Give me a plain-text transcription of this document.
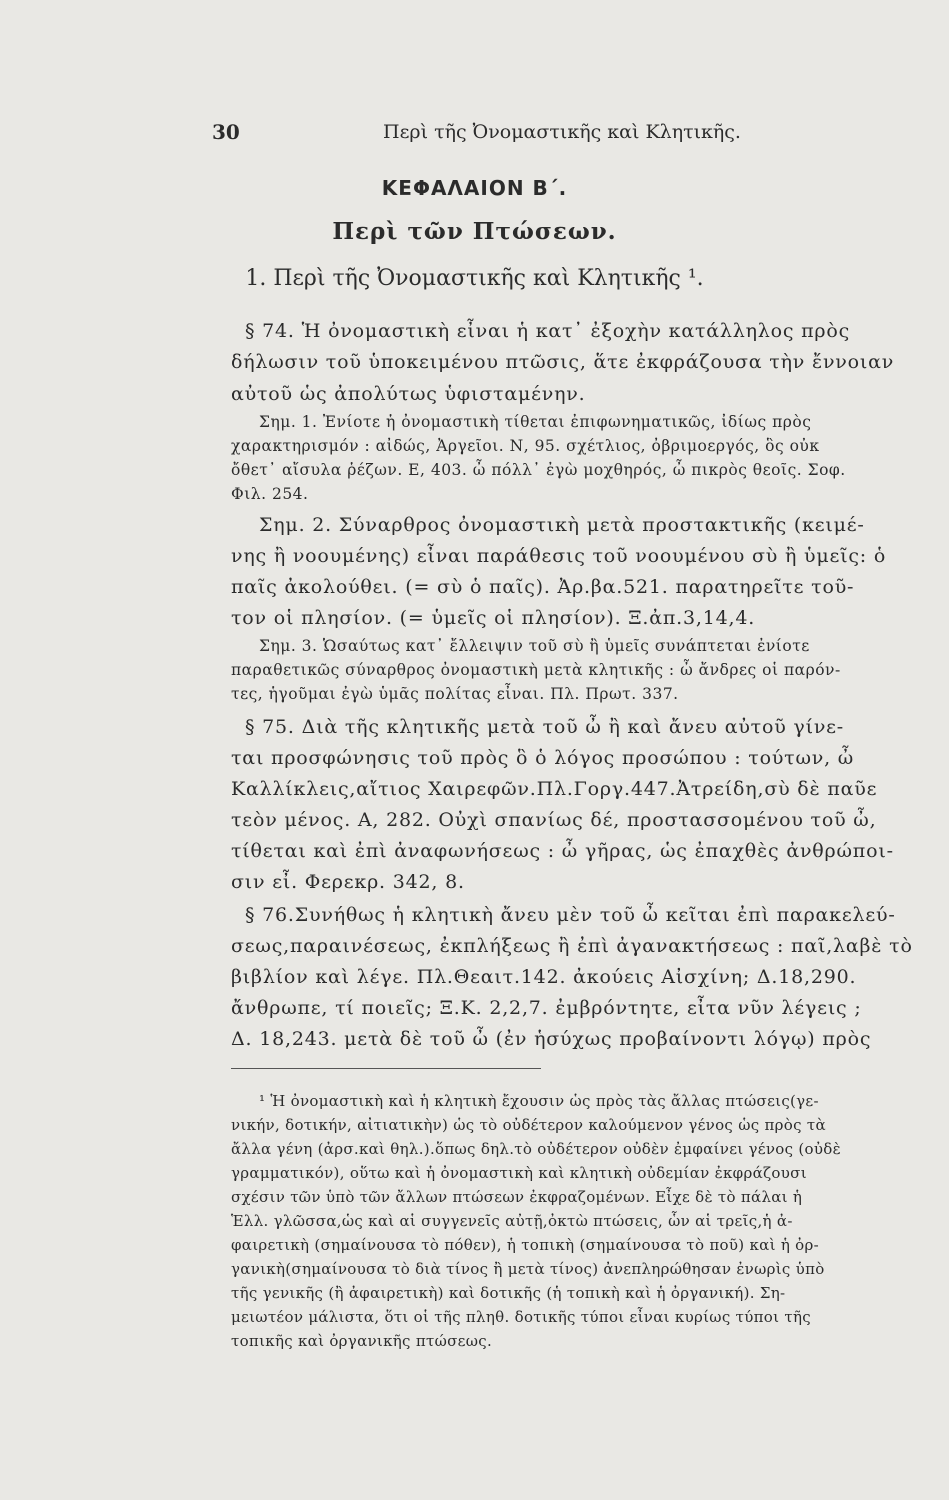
30	Περὶ τῆς Ὀνομαστικῆς καὶ Κλητικῆς.
ΚΕΦΑΛΑΙΟΝ Β΄.
Περὶ τῶν Πτώσεων.
1. Περὶ τῆς Ὀνομαστικῆς καὶ Κλητικῆς ¹.
§ 74. Ἡ ὀνομαστικὴ εἶναι ἡ κατ᾽ ἐξοχὴν κατάλληλος πρὸς
δήλωσιν τοῦ ὑποκειμένου πτῶσις, ἅτε ἐκφράζουσα τὴν ἔννοιαν
αὐτοῦ ὡς ἀπολύτως ὑφισταμένην.
Σημ. 1. Ἐνίοτε ἡ ὀνομαστικὴ τίθεται ἐπιφωνηματικῶς, ἰδίως πρὸς
χαρακτηρισμόν : αἰδώς, Ἀργεῖοι. Ν, 95. σχέτλιος, ὀβριμοεργός, ὃς οὐκ
ὄθετ᾽ αἴσυλα ῥέζων. Ε, 403. ὦ πόλλ᾽ ἐγὼ μοχθηρός, ὦ πικρὸς θεοῖς. Σοφ.
Φιλ. 254.
Σημ. 2. Σύναρθρος ὀνομαστικὴ μετὰ προστακτικῆς (κειμέ-
νης ἢ νοουμένης) εἶναι παράθεσις τοῦ νοουμένου σὺ ἢ ὑμεῖς: ὁ
παῖς ἀκολούθει. (= σὺ ὁ παῖς). Ἀρ.βα.521. παρατηρεῖτε τοῦ-
τον οἱ πλησίον. (= ὑμεῖς οἱ πλησίον). Ξ.ἀπ.3,14,4.
Σημ. 3. Ὡσαύτως κατ᾽ ἔλλειψιν τοῦ σὺ ἢ ὑμεῖς συνάπτεται ἐνίοτε
παραθετικῶς σύναρθρος ὀνομαστικὴ μετὰ κλητικῆς : ὦ ἄνδρες οἱ παρόν-
τες, ἡγοῦμαι ἐγὼ ὑμᾶς πολίτας εἶναι. Πλ. Πρωτ. 337.
§ 75. Διὰ τῆς κλητικῆς μετὰ τοῦ ὦ ἢ καὶ ἄνευ αὐτοῦ γίνε-
ται προσφώνησις τοῦ πρὸς ὃ ὁ λόγος προσώπου : τούτων, ὦ
Καλλίκλεις,αἴτιος Χαιρεφῶν.Πλ.Γοργ.447.Ἀτρείδη,σὺ δὲ παῦε
τεὸν μένος. Α, 282. Οὐχὶ σπανίως δέ, προστασσομένου τοῦ ὦ,
τίθεται καὶ ἐπὶ ἀναφωνήσεως : ὦ γῆρας, ὡς ἐπαχθὲς ἀνθρώποι-
σιν εἶ. Φερεκρ. 342, 8.
§ 76.Συνήθως ἡ κλητικὴ ἄνευ μὲν τοῦ ὦ κεῖται ἐπὶ παρακελεύ-
σεως,παραινέσεως, ἐκπλήξεως ἢ ἐπὶ ἀγανακτήσεως : παῖ,λαβὲ τὸ
βιβλίον καὶ λέγε. Πλ.Θεαιτ.142. ἀκούεις Αἰσχίνη; Δ.18,290.
ἄνθρωπε, τί ποιεῖς; Ξ.Κ. 2,2,7. ἐμβρόντητε, εἶτα νῦν λέγεις ;
Δ. 18,243. μετὰ δὲ τοῦ ὦ (ἐν ἡσύχως προβαίνοντι λόγῳ) πρὸς
¹ Ἡ ὀνομαστικὴ καὶ ἡ κλητικὴ ἔχουσιν ὡς πρὸς τὰς ἄλλας πτώσεις(γε-
νικήν, δοτικήν, αἰτιατικὴν) ὡς τὸ οὐδέτερον καλούμενον γένος ὡς πρὸς τὰ
ἄλλα γένη (ἀρσ.καὶ θηλ.).ὅπως δηλ.τὸ οὐδέτερον οὐδὲν ἐμφαίνει γένος (οὐδὲ
γραμματικόν), οὕτω καὶ ἡ ὀνομαστικὴ καὶ κλητικὴ οὐδεμίαν ἐκφράζουσι
σχέσιν τῶν ὑπὸ τῶν ἄλλων πτώσεων ἐκφραζομένων. Εἶχε δὲ τὸ πάλαι ἡ
Ἑλλ. γλῶσσα,ὡς καὶ αἱ συγγενεῖς αὐτῇ,ὀκτὼ πτώσεις, ὧν αἱ τρεῖς,ἡ ἀ-
φαιρετικὴ (σημαίνουσα τὸ πόθεν), ἡ τοπικὴ (σημαίνουσα τὸ ποῦ) καὶ ἡ ὀρ-
γανικὴ(σημαίνουσα τὸ διὰ τίνος ἢ μετὰ τίνος) ἀνεπληρώθησαν ἐνωρὶς ὑπὸ
τῆς γενικῆς (ἢ ἀφαιρετικὴ) καὶ δοτικῆς (ἡ τοπικὴ καὶ ἡ ὀργανική). Ση-
μειωτέον μάλιστα, ὅτι οἱ τῆς πληθ. δοτικῆς τύποι εἶναι κυρίως τύποι τῆς
τοπικῆς καὶ ὀργανικῆς πτώσεως.
